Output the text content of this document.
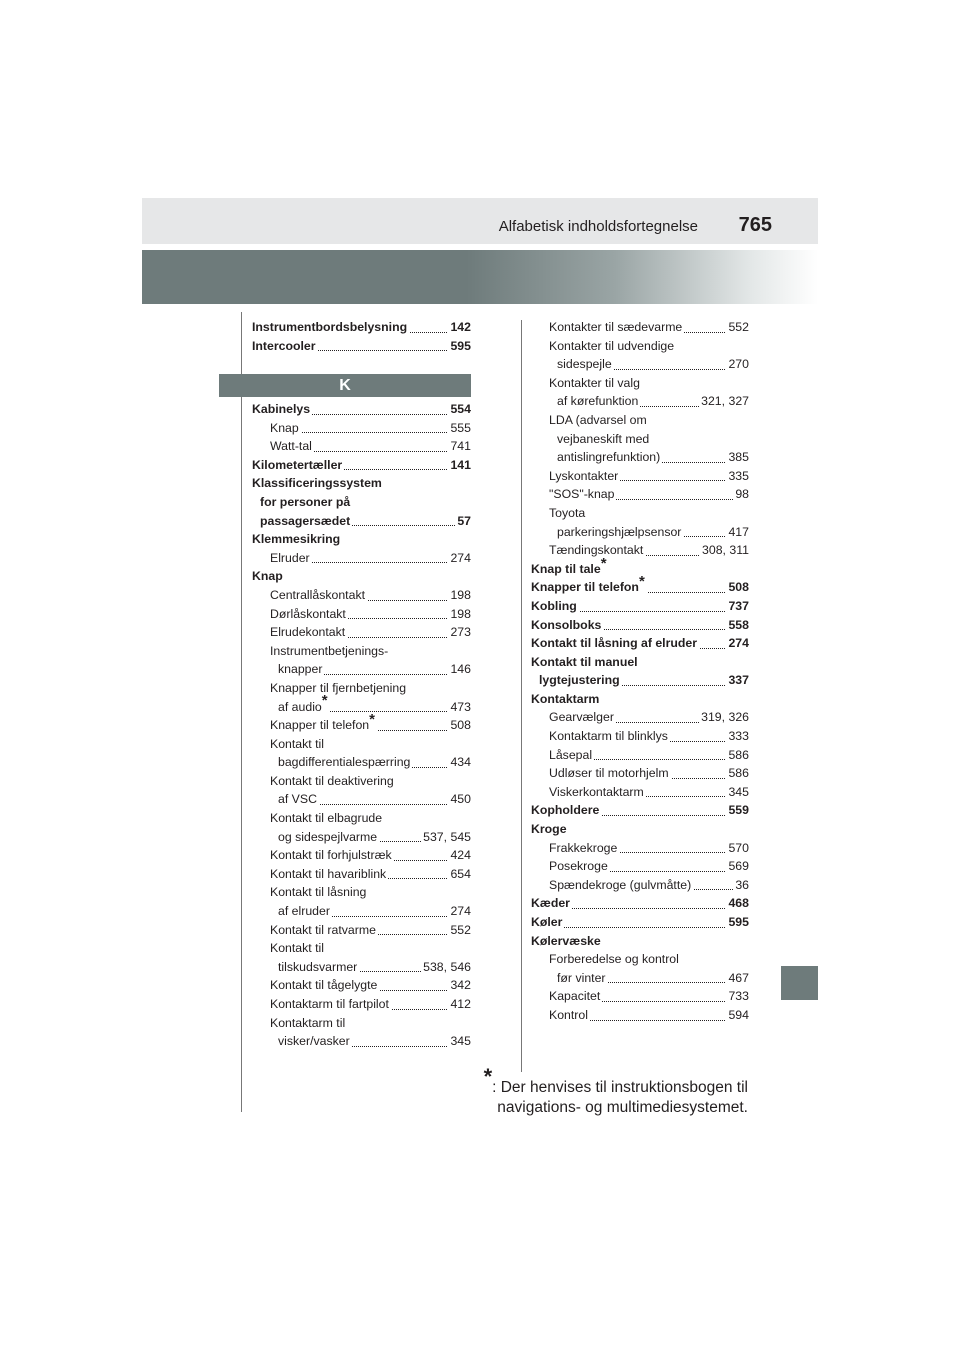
Alfabetisk indholdsfortegnelse 765
Instrumentbordsbelysning	142
Intercooler	595
K
Kabinelys	554
Knap	555
Watt-tal	741
Kilometertæller	141
Klassificeringssystem
for personer på
passagersædet	57
Klemmesikring
Elruder	274
Knap
Centrallåskontakt	198
Dørlåskontakt	198
Elrudekontakt	273
Instrumentbetjenings-
knapper	146
Knapper til fjernbetjening
af audio*	473
Knapper til telefon*	508
Kontakt til
bagdifferentialespærring	434
Kontakt til deaktivering
af VSC	450
Kontakt til elbagrude
og sidespejlvarme	537, 545
Kontakt til forhjulstræk	424
Kontakt til havariblink	654
Kontakt til låsning
af elruder	274
Kontakt til ratvarme	552
Kontakt til
tilskudsvarmer	538, 546
Kontakt til tågelygte	342
Kontaktarm til fartpilot	412
Kontaktarm til
visker/vasker	345
Kontakter til sædevarme	552
Kontakter til udvendige
sidespejle	270
Kontakter til valg
af kørefunktion	321, 327
LDA (advarsel om
vejbaneskift med
antislingrefunktion)	385
Lyskontakter	335
"SOS"-knap	98
Toyota
parkeringshjælpsensor	417
Tændingskontakt	308, 311
Knap til tale*
Knapper til telefon*	508
Kobling	737
Konsolboks	558
Kontakt til låsning af elruder	274
Kontakt til manuel
lygtejustering	337
Kontaktarm
Gearvælger	319, 326
Kontaktarm til blinklys	333
Låsepal	586
Udløser til motorhjelm	586
Viskerkontaktarm	345
Kopholdere	559
Kroge
Frakkekroge	570
Posekroge	569
Spændekroge (gulvmåtte)	36
Kæder	468
Køler	595
Kølervæske
Forberedelse og kontrol
før vinter	467
Kapacitet	733
Kontrol	594
*: Der henvises til instruktionsbogen til
navigations- og multimediesystemet.
